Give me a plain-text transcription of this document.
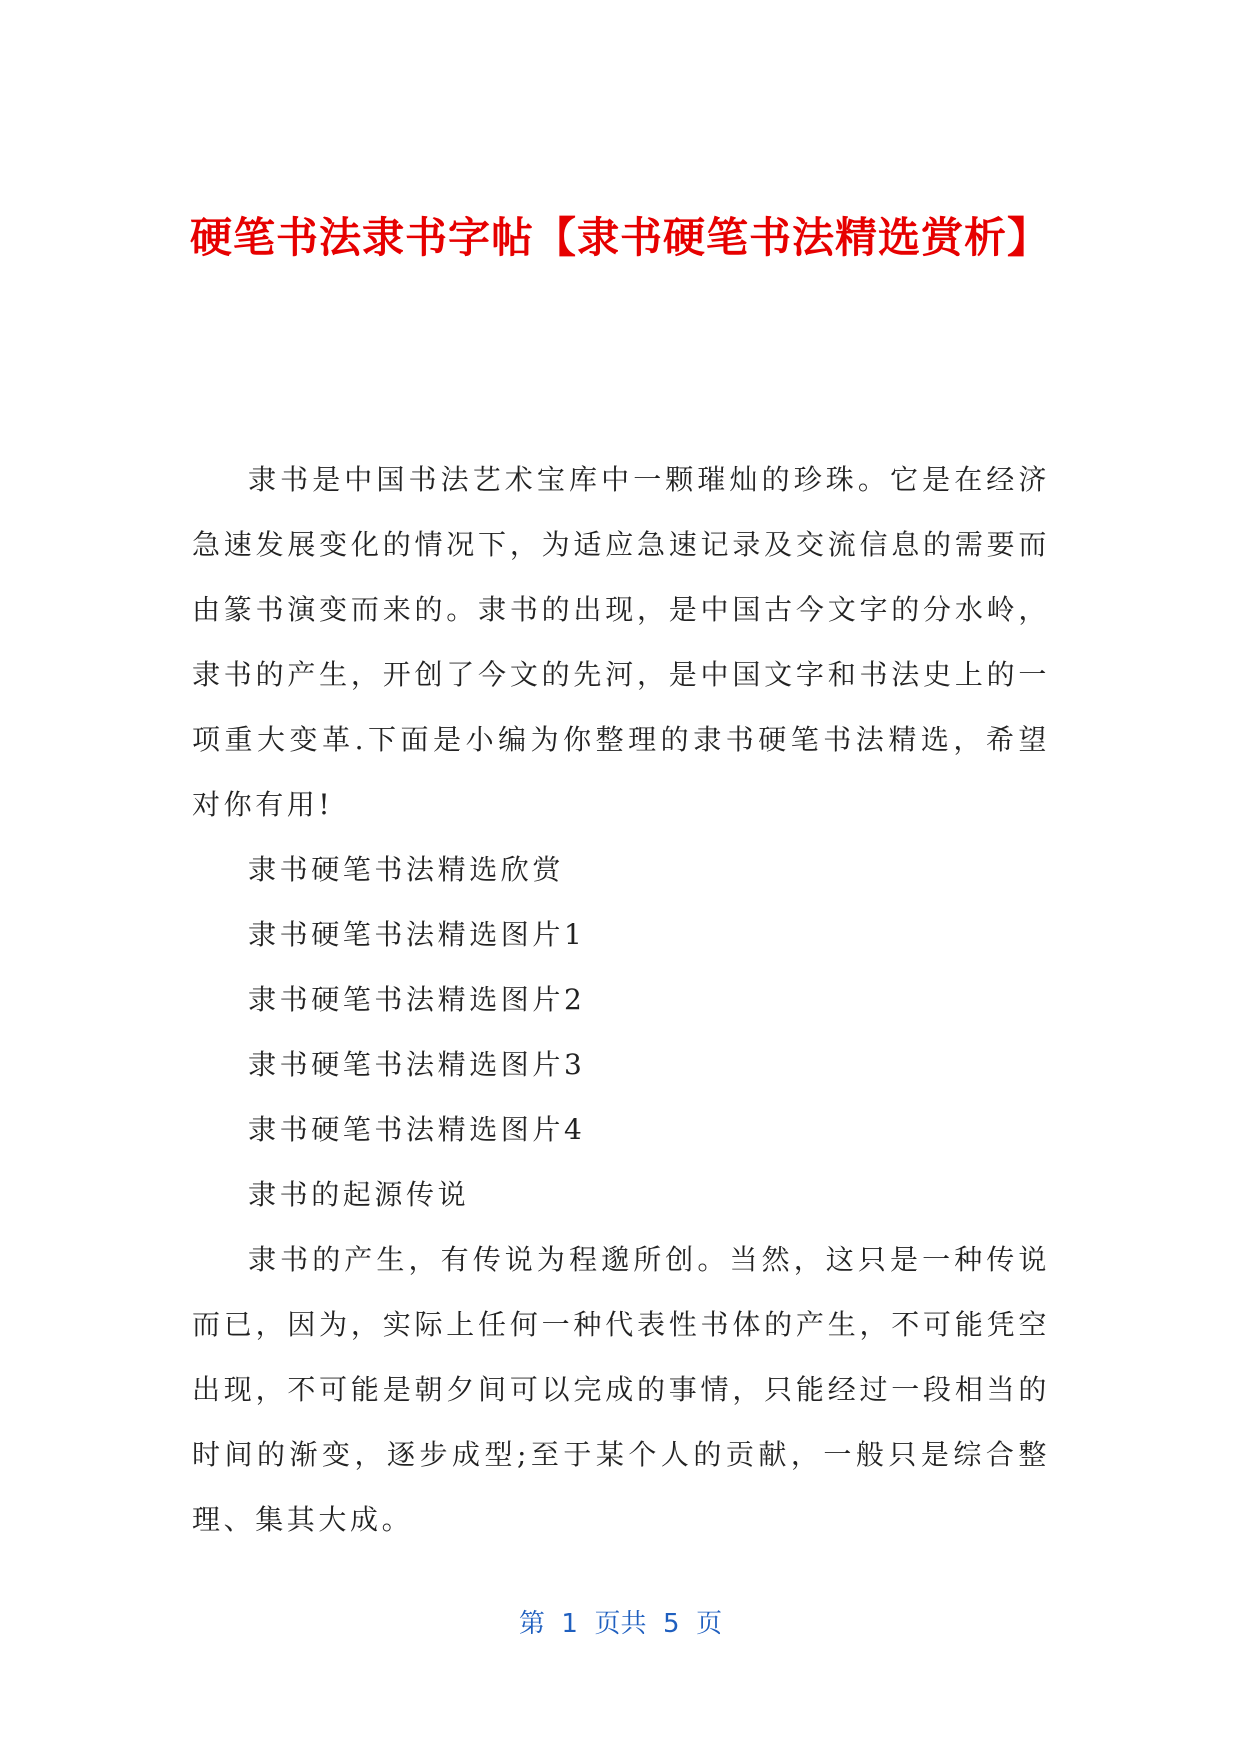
硬笔书法隶书字帖【隶书硬笔书法精选赏析】

隶书是中国书法艺术宝库中一颗璀灿的珍珠。它是在经济急速发展变化的情况下，为适应急速记录及交流信息的需要而由篆书演变而来的。隶书的出现，是中国古今文字的分水岭，隶书的产生，开创了今文的先河，是中国文字和书法史上的一项重大变革.下面是小编为你整理的隶书硬笔书法精选，希望对你有用!

隶书硬笔书法精选欣赏

隶书硬笔书法精选图片1

隶书硬笔书法精选图片2

隶书硬笔书法精选图片3

隶书硬笔书法精选图片4

隶书的起源传说

隶书的产生，有传说为程邈所创。当然，这只是一种传说而已，因为，实际上任何一种代表性书体的产生，不可能凭空出现，不可能是朝夕间可以完成的事情，只能经过一段相当的时间的渐变，逐步成型;至于某个人的贡献，一般只是综合整理、集其大成。

第  1  页共  5  页
